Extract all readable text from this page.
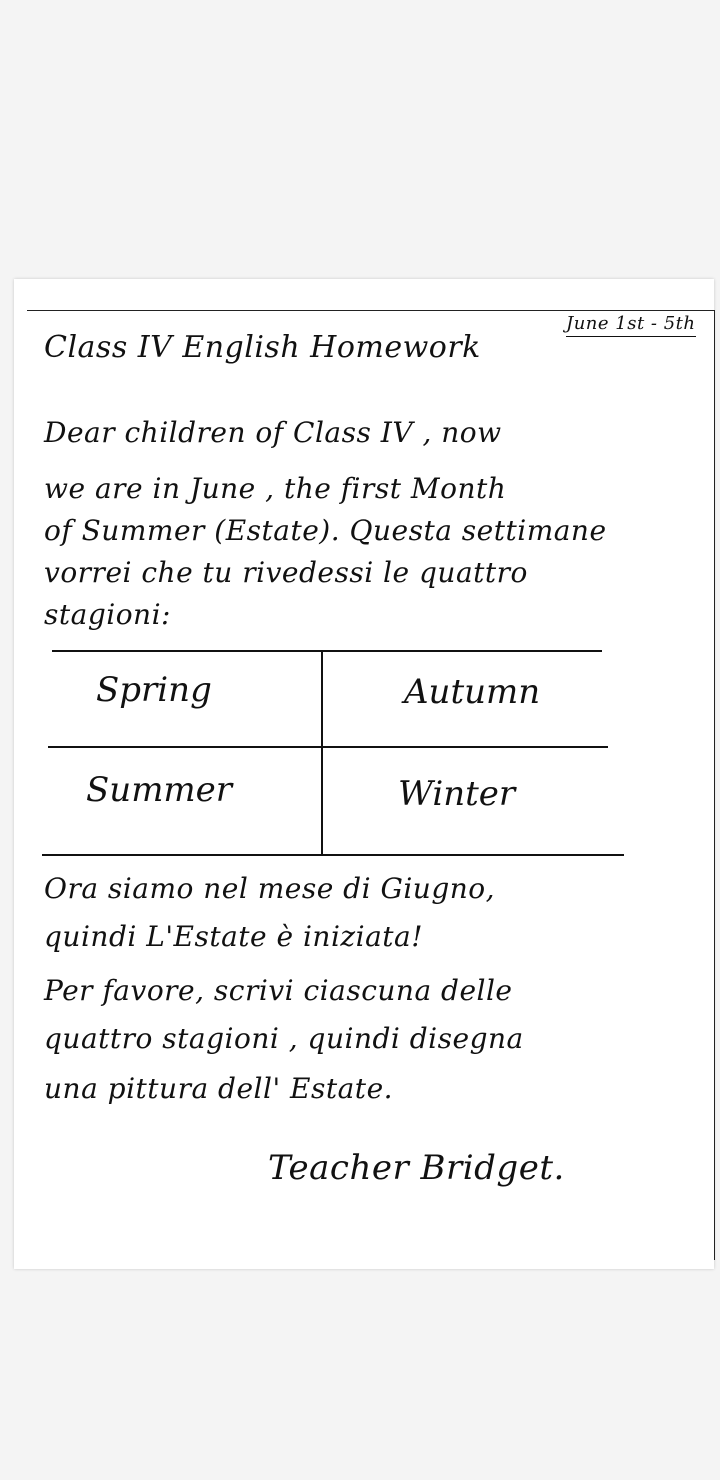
June 1st - 5th
Class IV English Homework
Dear children of Class IV , now
we are in June , the first Month
of Summer (Estate). Questa settimane
vorrei che tu rivedessi le quattro
stagioni:
Spring	Autumn
Summer	Winter
Ora siamo nel mese di Giugno,
quindi L'Estate è iniziata!
Per favore, scrivi ciascuna delle
quattro stagioni , quindi disegna
una pittura dell' Estate.
Teacher Bridget.
